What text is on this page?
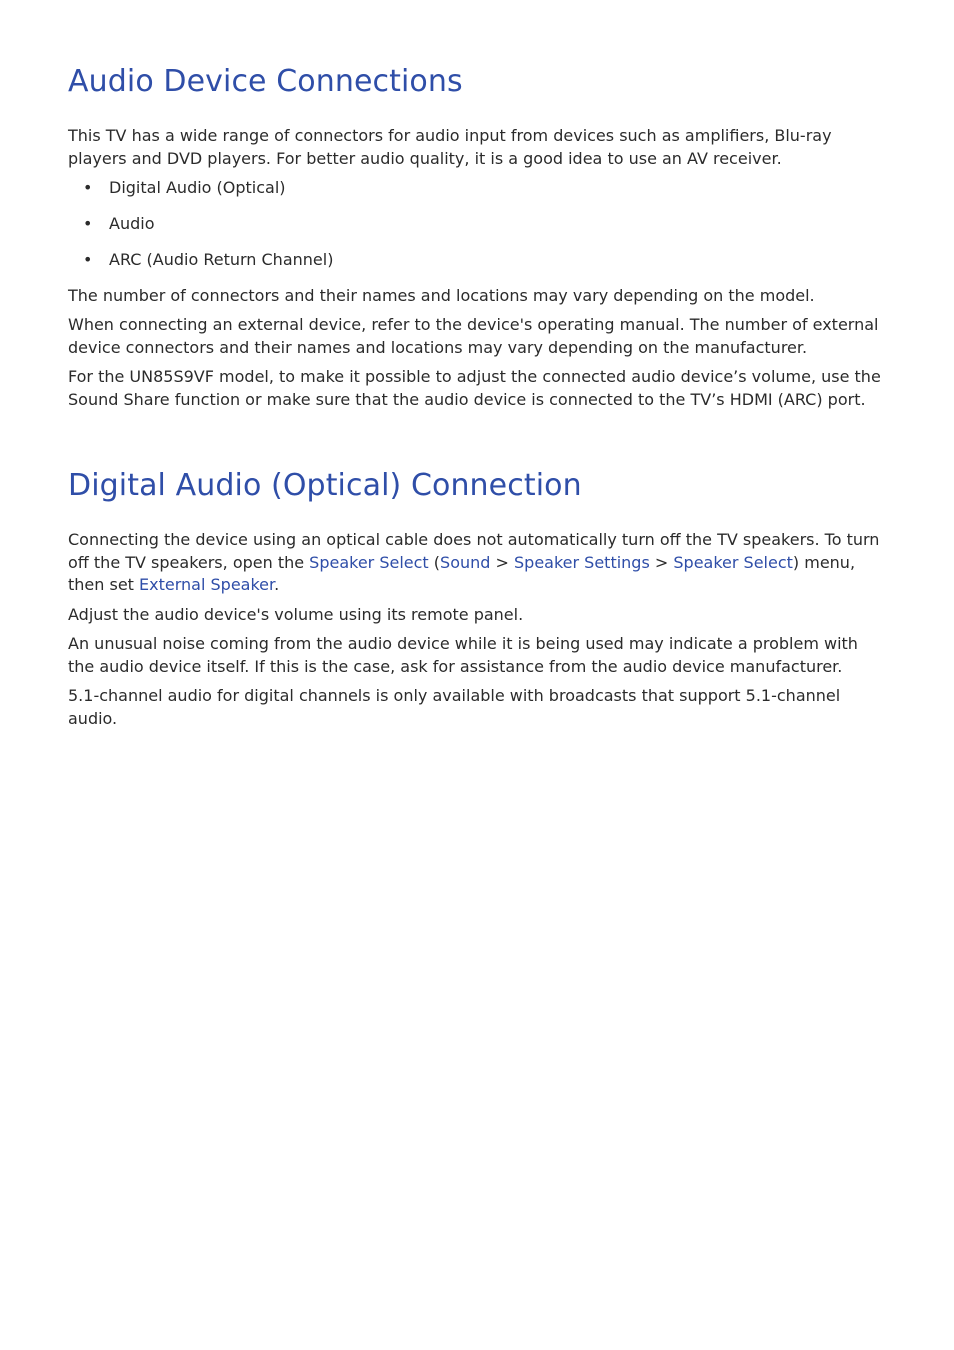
Audio Device Connections

This TV has a wide range of connectors for audio input from devices such as amplifiers, Blu-ray players and DVD players. For better audio quality, it is a good idea to use an AV receiver.

• Digital Audio (Optical)
• Audio
• ARC (Audio Return Channel)

The number of connectors and their names and locations may vary depending on the model.

When connecting an external device, refer to the device's operating manual. The number of external device connectors and their names and locations may vary depending on the manufacturer.

For the UN85S9VF model, to make it possible to adjust the connected audio device’s volume, use the Sound Share function or make sure that the audio device is connected to the TV’s HDMI (ARC) port.

Digital Audio (Optical) Connection

Connecting the device using an optical cable does not automatically turn off the TV speakers. To turn off the TV speakers, open the Speaker Select (Sound > Speaker Settings > Speaker Select) menu, then set External Speaker.

Adjust the audio device's volume using its remote panel.

An unusual noise coming from the audio device while it is being used may indicate a problem with the audio device itself. If this is the case, ask for assistance from the audio device manufacturer.

5.1-channel audio for digital channels is only available with broadcasts that support 5.1-channel audio.
